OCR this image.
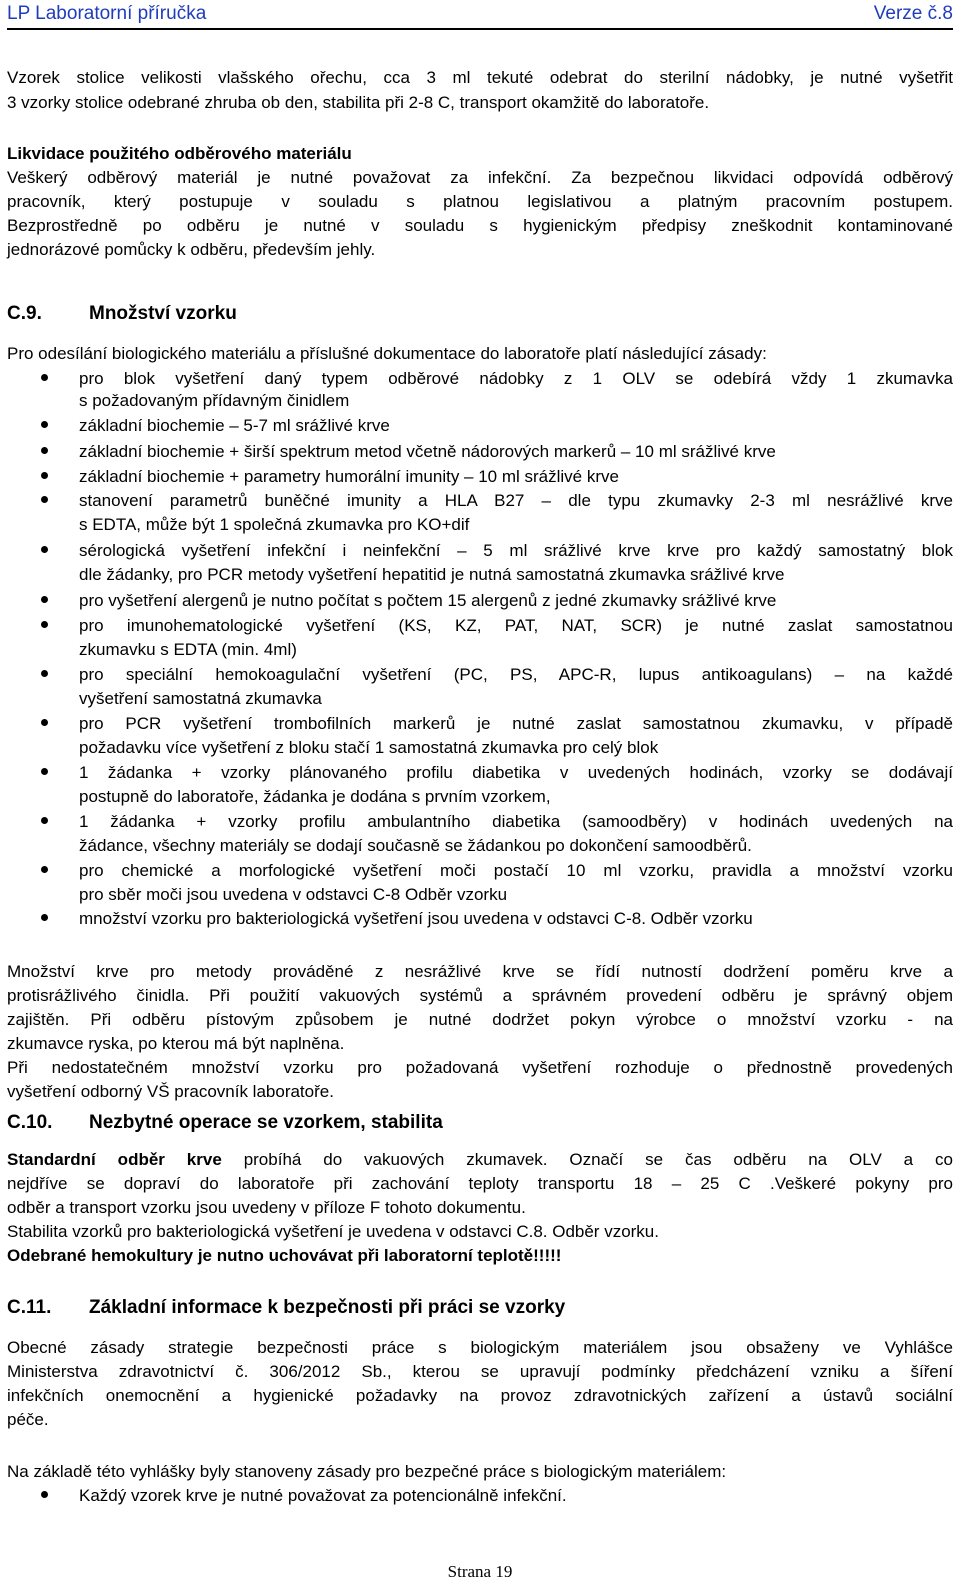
LP Laboratorní příručka	Verze č.8
Vzorek stolice velikosti vlašského ořechu, cca 3 ml tekuté odebrat do sterilní nádobky, je nutné vyšetřit
3 vzorky stolice odebrané zhruba ob den, stabilita při 2-8 C, transport okamžitě do laboratoře.
Likvidace použitého odběrového materiálu
Veškerý odběrový materiál je nutné považovat za infekční. Za bezpečnou likvidaci odpovídá odběrový
pracovník, který postupuje v souladu s platnou legislativou a platným pracovním postupem.
Bezprostředně po odběru je nutné v souladu s hygienickým předpisy zneškodnit kontaminované
jednorázové pomůcky k odběru, především jehly.
C.9. Množství vzorku
Pro odesílání biologického materiálu a příslušné dokumentace do laboratoře platí následující zásady:
pro blok vyšetření daný typem odběrové nádobky z 1 OLV se odebírá vždy 1 zkumavka
s požadovaným přídavným činidlem
základní biochemie – 5-7 ml srážlivé krve
základní biochemie + širší spektrum metod včetně nádorových markerů – 10 ml srážlivé krve
základní biochemie + parametry humorální imunity – 10 ml srážlivé krve
stanovení parametrů buněčné imunity a HLA B27 – dle typu zkumavky 2-3 ml nesrážlivé krve
s EDTA, může být 1 společná zkumavka pro KO+dif
sérologická vyšetření infekční i neinfekční – 5 ml srážlivé krve krve pro každý samostatný blok
dle žádanky, pro PCR metody vyšetření hepatitid je nutná samostatná zkumavka srážlivé krve
pro vyšetření alergenů je nutno počítat s počtem 15 alergenů z jedné zkumavky srážlivé krve
pro imunohematologické vyšetření (KS, KZ, PAT, NAT, SCR) je nutné zaslat samostatnou
zkumavku s EDTA (min. 4ml)
pro speciální hemokoagulační vyšetření (PC, PS, APC-R, lupus antikoagulans) – na každé
vyšetření samostatná zkumavka
pro PCR vyšetření trombofilních markerů je nutné zaslat samostatnou zkumavku, v případě
požadavku více vyšetření z bloku stačí 1 samostatná zkumavka pro celý blok
1 žádanka + vzorky plánovaného profilu diabetika v uvedených hodinách, vzorky se dodávají
postupně do laboratoře, žádanka je dodána s prvním vzorkem,
1 žádanka + vzorky profilu ambulantního diabetika (samoodběry) v hodinách uvedených na
žádance, všechny materiály se dodají současně se žádankou po dokončení samoodběrů.
pro chemické a morfologické vyšetření moči postačí 10 ml vzorku, pravidla a množství vzorku
pro sběr moči jsou uvedena v odstavci C-8 Odběr vzorku
množství vzorku pro bakteriologická vyšetření jsou uvedena v odstavci C-8. Odběr vzorku
Množství krve pro metody prováděné z nesrážlivé krve se řídí nutností dodržení poměru krve a
protisrážlivého činidla. Při použití vakuových systémů a správném provedení odběru je správný objem
zajištěn. Při odběru pístovým způsobem je nutné dodržet pokyn výrobce o množství vzorku - na
zkumavce ryska, po kterou má být naplněna.
Při nedostatečném množství vzorku pro požadovaná vyšetření rozhoduje o přednostně provedených
vyšetření odborný VŠ pracovník laboratoře.
C.10. Nezbytné operace se vzorkem, stabilita
Standardní odběr krve probíhá do vakuových zkumavek. Označí se čas odběru na OLV a co
nejdříve se dopraví do laboratoře při zachování teploty transportu 18 – 25 C .Veškeré pokyny pro
odběr a transport vzorku jsou uvedeny v příloze F tohoto dokumentu.
Stabilita vzorků pro bakteriologická vyšetření je uvedena v odstavci C.8. Odběr vzorku.
Odebrané hemokultury je nutno uchovávat při laboratorní teplotě!!!!!
C.11. Základní informace k bezpečnosti při práci se vzorky
Obecné zásady strategie bezpečnosti práce s biologickým materiálem jsou obsaženy ve Vyhlášce
Ministerstva zdravotnictví č. 306/2012 Sb., kterou se upravují podmínky předcházení vzniku a šíření
infekčních onemocnění a hygienické požadavky na provoz zdravotnických zařízení a ústavů sociální
péče.
Na základě této vyhlášky byly stanoveny zásady pro bezpečné práce s biologickým materiálem:
Každý vzorek krve je nutné považovat za potencionálně infekční.
Strana 19
